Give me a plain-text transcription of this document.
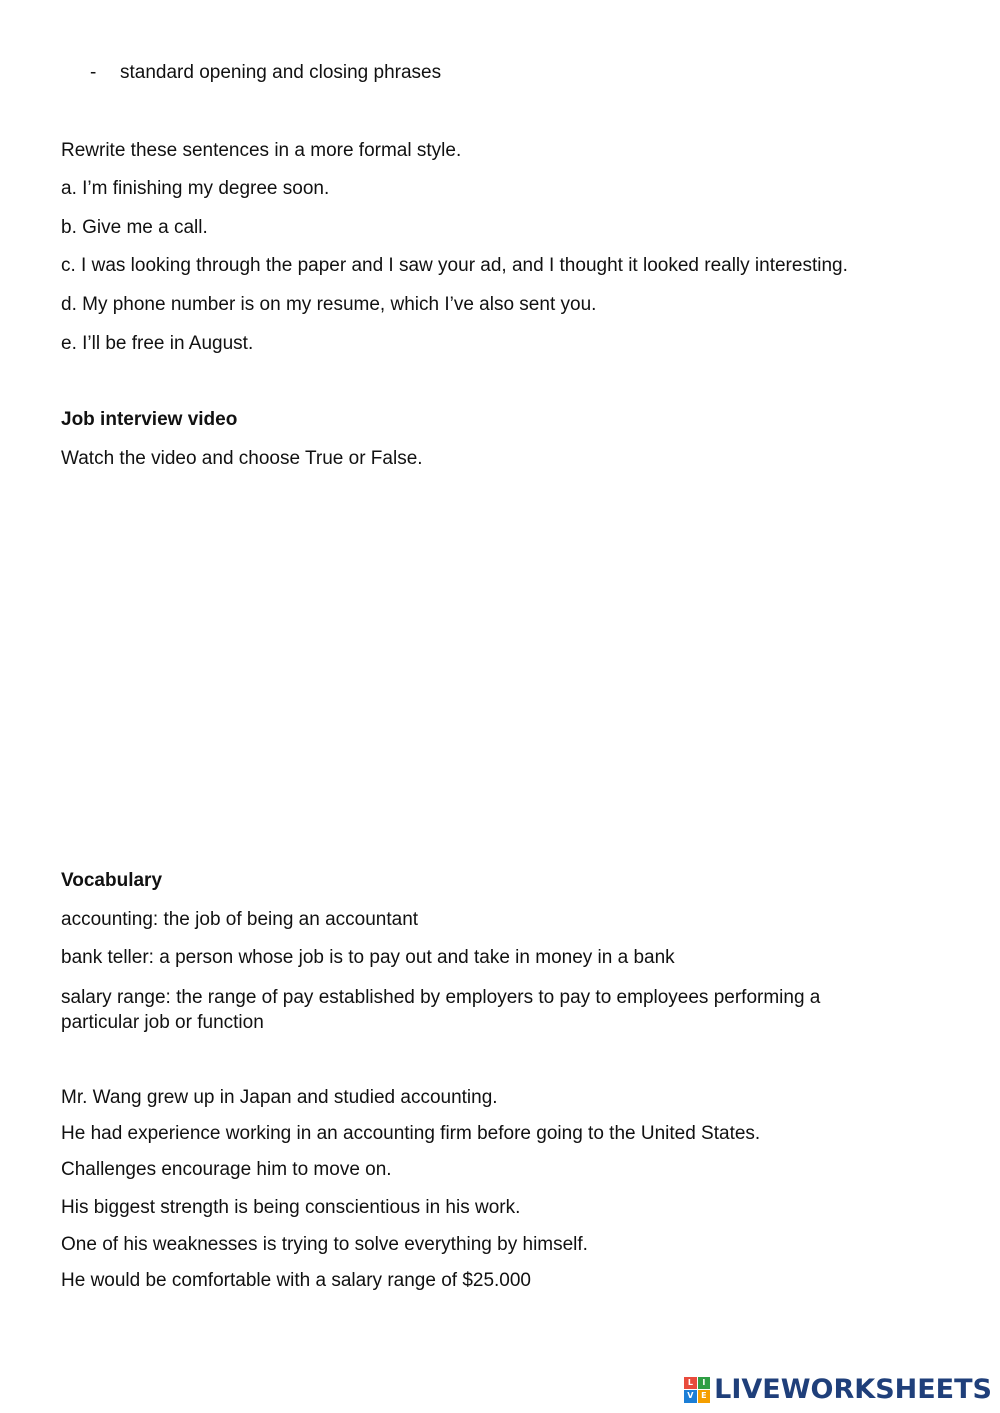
- standard opening and closing phrases
Rewrite these sentences in a more formal style.
a. I’m finishing my degree soon.
b. Give me a call.
c. I was looking through the paper and I saw your ad, and I thought it looked really interesting.
d. My phone number is on my resume, which I’ve also sent you.
e. I’ll be free in August.
Job interview video
Watch the video and choose True or False.
Vocabulary
accounting: the job of being an accountant
bank teller: a person whose job is to pay out and take in money in a bank
salary range: the range of pay established by employers to pay to employees performing a particular job or function
Mr. Wang grew up in Japan and studied accounting.
He had experience working in an accounting firm before going to the United States.
Challenges encourage him to move on.
His biggest strength is being conscientious in his work.
One of his weaknesses is trying to solve everything by himself.
He would be comfortable with a salary range of $25.000
L	I
V E LIVEWORKSHEETS
